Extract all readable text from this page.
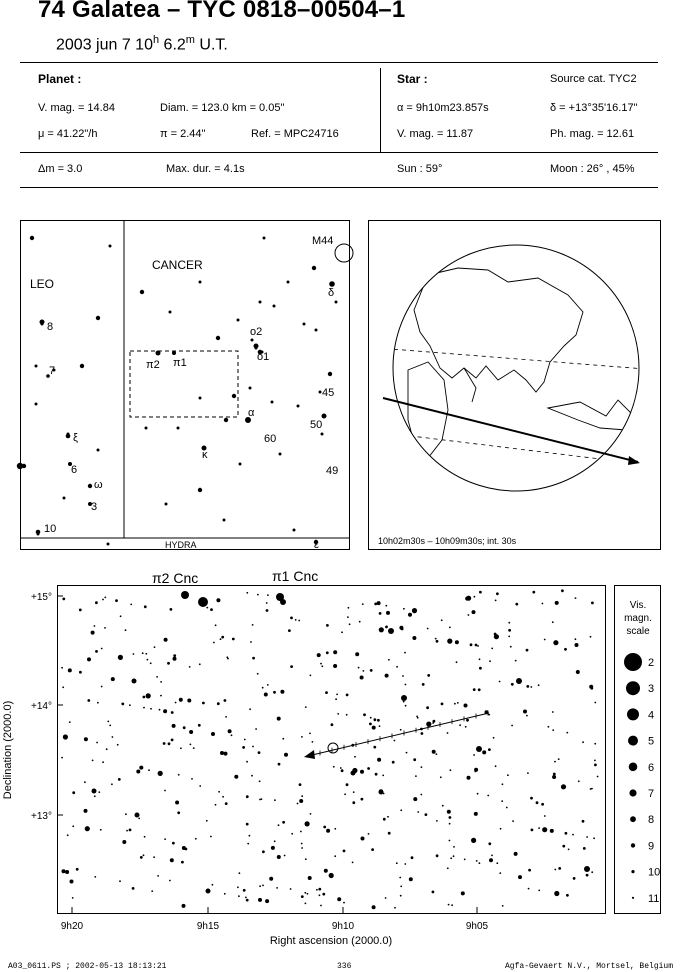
74 Galatea – TYC 0818–00504–1
2003 jun 7 10$^h$ 6.2$^m$ U.T.
Planet :
V. mag. = 14.84	Diam. = 123.0 km = 0.05"
μ = 41.22"/h	π = 2.44"	Ref. = MPC24716
Star :	Source cat. TYC2
α = 9h10m23.857s	δ = +13°35'16.17"
V. mag. = 11.87	Ph. mag. = 12.61
Δm = 3.0	Max. dur. = 4.1s	Sun : 59°	Moon : 26° , 45%
LEO
CANCER
HYDRA
M44
8
7
ξ
6
ω
3
10
π2 π1
o2
o1
δ
45
α
60
50
κ
49
ε	10h02m30s – 10h09m30s; int. 30s
π2 Cnc	π1 Cnc
+15°
+14°
+13°
9h20	9h15	9h10	9h05
Right ascension (2000.0)
Declination (2000.0)
Vis.
magn.
scale
2
3
4
5
6
7
8
9
10
11
A03_0611.PS ; 2002-05-13 18:13:21	336	Agfa-Gevaert N.V., Mortsel, Belgium
